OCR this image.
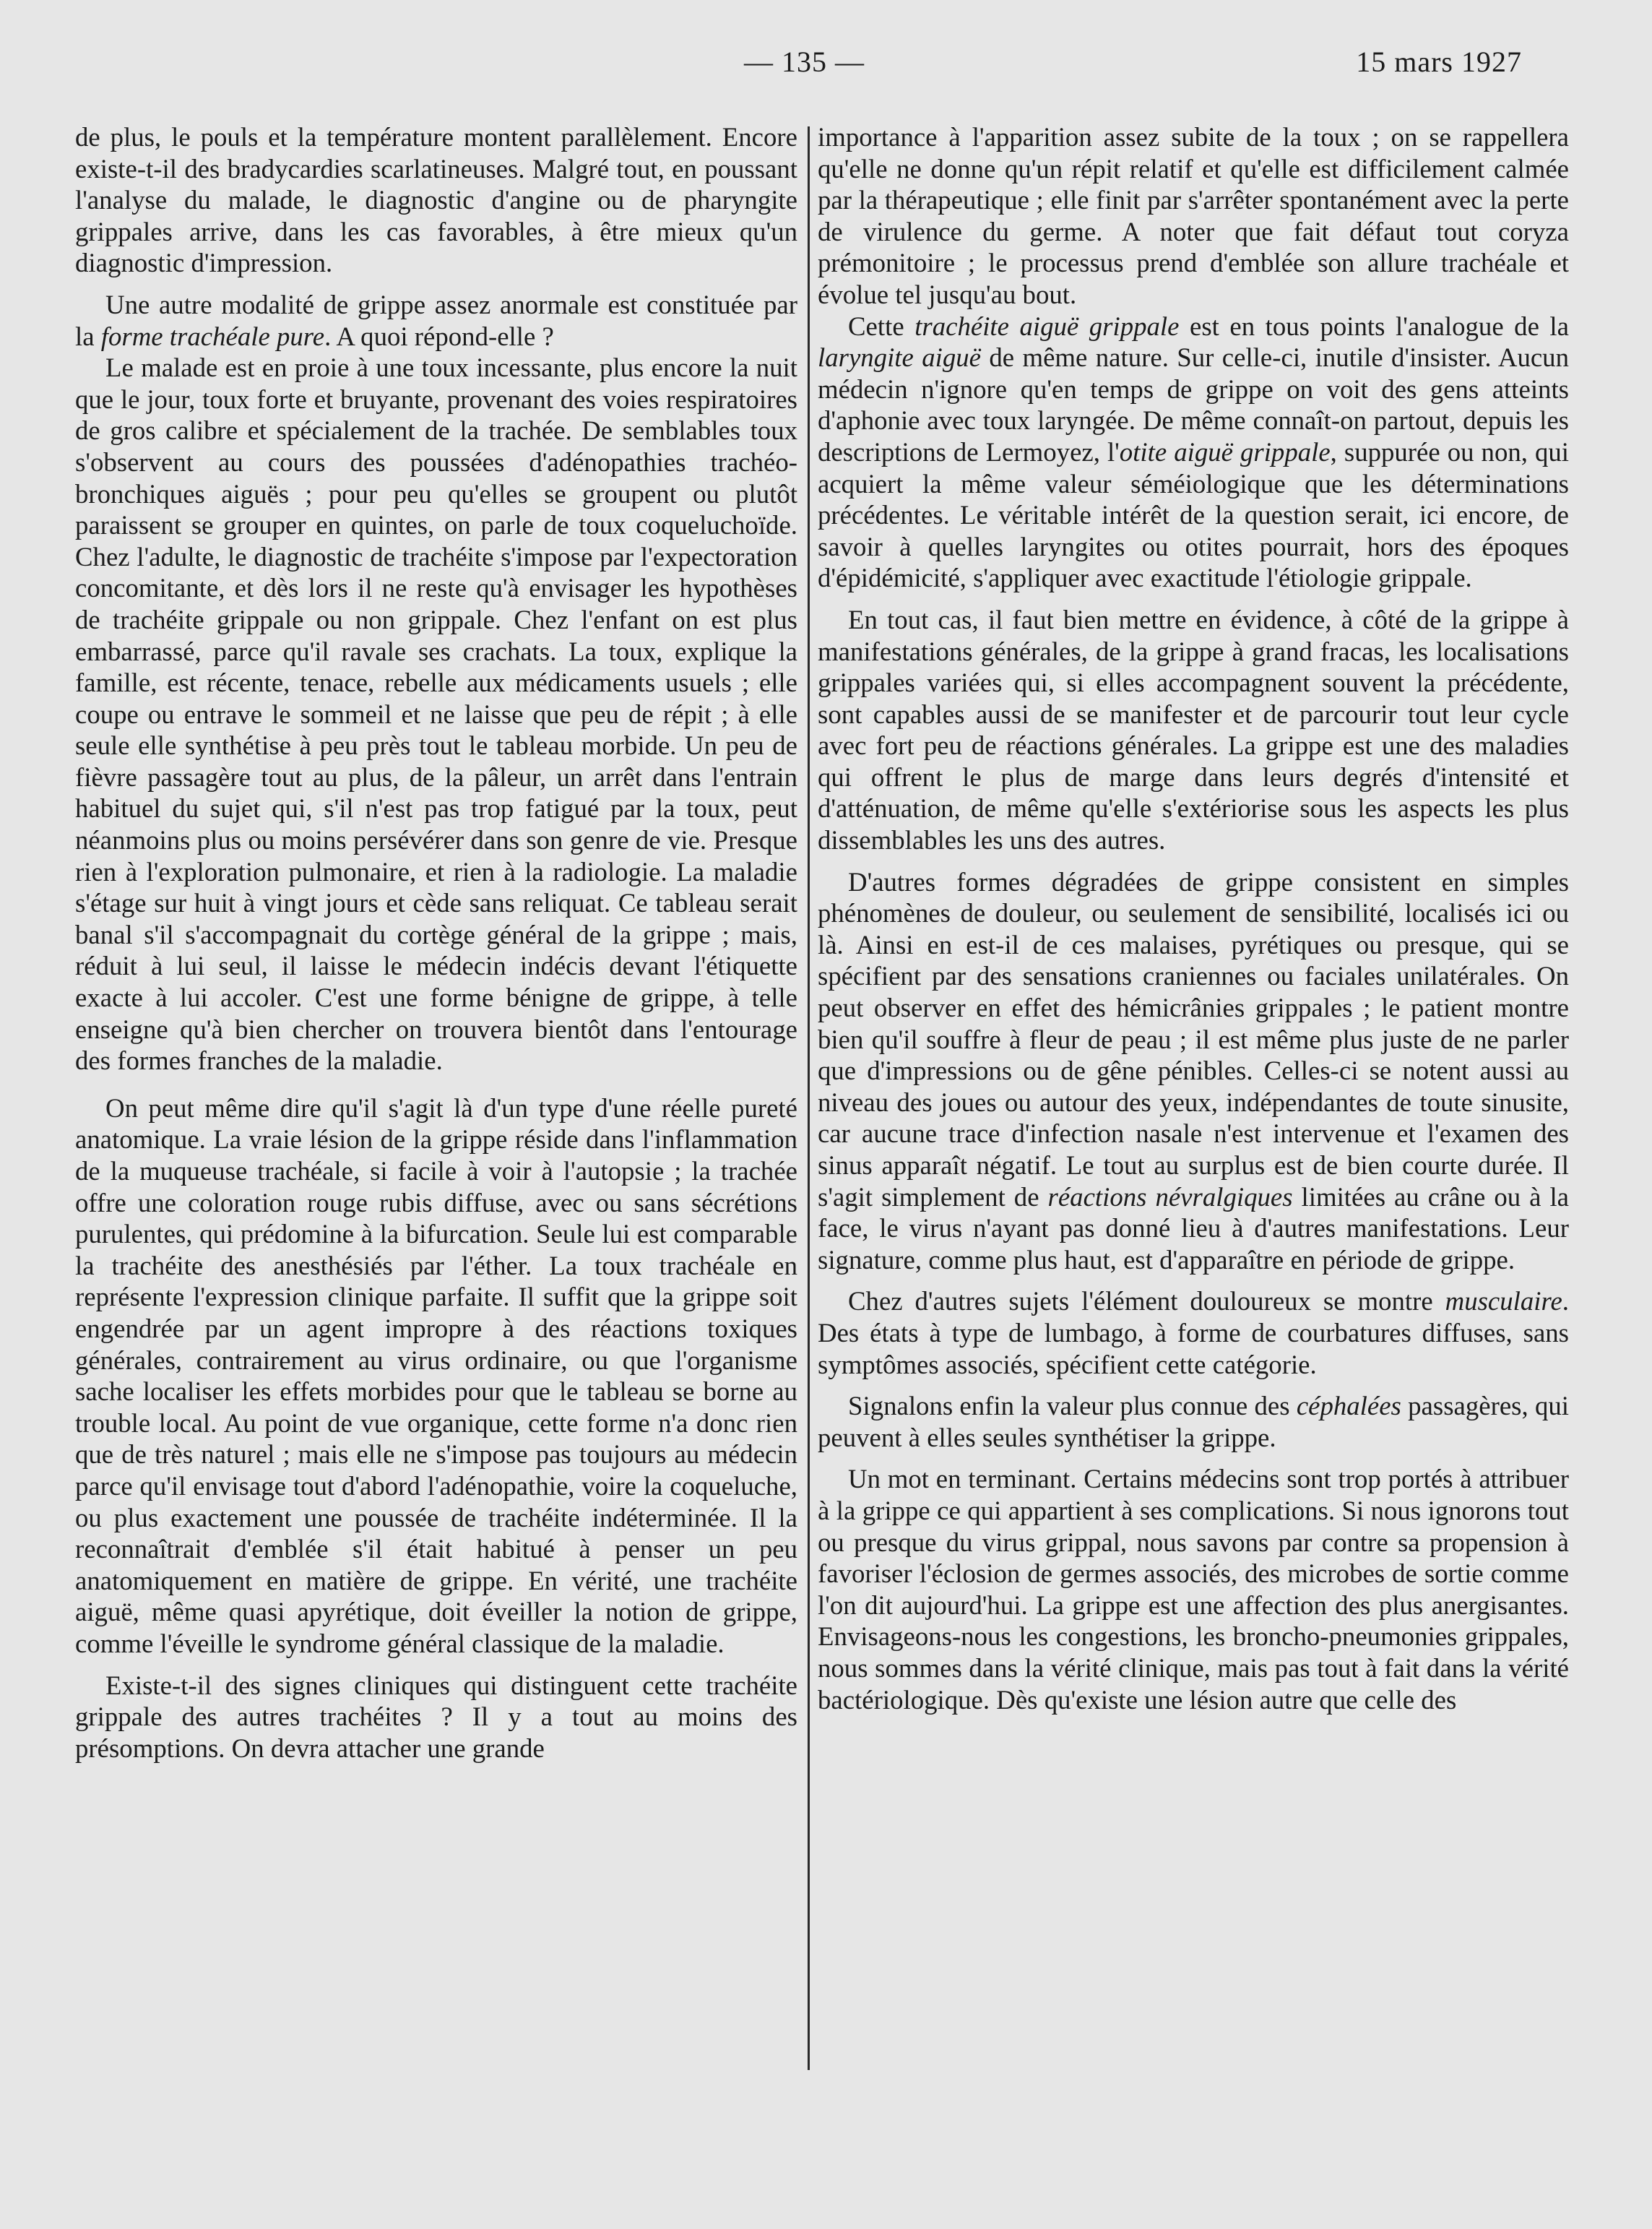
— 135 —	15 mars 1927

de plus, le pouls et la température montent parallèlement. Encore existe-t-il des bradycardies scarlatineuses. Malgré tout, en poussant l'analyse du malade, le diagnostic d'angine ou de pharyngite grippales arrive, dans les cas favorables, à être mieux qu'un diagnostic d'impression.

Une autre modalité de grippe assez anormale est constituée par la forme trachéale pure. A quoi répond-elle ?

Le malade est en proie à une toux incessante, plus encore la nuit que le jour, toux forte et bruyante, provenant des voies respiratoires de gros calibre et spécialement de la trachée. De semblables toux s'observent au cours des poussées d'adénopathies trachéo-bronchiques aiguës ; pour peu qu'elles se groupent ou plutôt paraissent se grouper en quintes, on parle de toux coqueluchoïde. Chez l'adulte, le diagnostic de trachéite s'impose par l'expectoration concomitante, et dès lors il ne reste qu'à envisager les hypothèses de trachéite grippale ou non grippale. Chez l'enfant on est plus embarrassé, parce qu'il ravale ses crachats. La toux, explique la famille, est récente, tenace, rebelle aux médicaments usuels ; elle coupe ou entrave le sommeil et ne laisse que peu de répit ; à elle seule elle synthétise à peu près tout le tableau morbide. Un peu de fièvre passagère tout au plus, de la pâleur, un arrêt dans l'entrain habituel du sujet qui, s'il n'est pas trop fatigué par la toux, peut néanmoins plus ou moins persévérer dans son genre de vie. Presque rien à l'exploration pulmonaire, et rien à la radiologie. La maladie s'étage sur huit à vingt jours et cède sans reliquat. Ce tableau serait banal s'il s'accompagnait du cortège général de la grippe ; mais, réduit à lui seul, il laisse le médecin indécis devant l'étiquette exacte à lui accoler. C'est une forme bénigne de grippe, à telle enseigne qu'à bien chercher on trouvera bientôt dans l'entourage des formes franches de la maladie.

On peut même dire qu'il s'agit là d'un type d'une réelle pureté anatomique. La vraie lésion de la grippe réside dans l'inflammation de la muqueuse trachéale, si facile à voir à l'autopsie ; la trachée offre une coloration rouge rubis diffuse, avec ou sans sécrétions purulentes, qui prédomine à la bifurcation. Seule lui est comparable la trachéite des anesthésiés par l'éther. La toux trachéale en représente l'expression clinique parfaite. Il suffit que la grippe soit engendrée par un agent impropre à des réactions toxiques générales, contrairement au virus ordinaire, ou que l'organisme sache localiser les effets morbides pour que le tableau se borne au trouble local. Au point de vue organique, cette forme n'a donc rien que de très naturel ; mais elle ne s'impose pas toujours au médecin parce qu'il envisage tout d'abord l'adénopathie, voire la coqueluche, ou plus exactement une poussée de trachéite indéterminée. Il la reconnaîtrait d'emblée s'il était habitué à penser un peu anatomiquement en matière de grippe. En vérité, une trachéite aiguë, même quasi apyrétique, doit éveiller la notion de grippe, comme l'éveille le syndrome général classique de la maladie.

Existe-t-il des signes cliniques qui distinguent cette trachéite grippale des autres trachéites ? Il y a tout au moins des présomptions. On devra attacher une grande

importance à l'apparition assez subite de la toux ; on se rappellera qu'elle ne donne qu'un répit relatif et qu'elle est difficilement calmée par la thérapeutique ; elle finit par s'arrêter spontanément avec la perte de virulence du germe. A noter que fait défaut tout coryza prémonitoire ; le processus prend d'emblée son allure trachéale et évolue tel jusqu'au bout.

Cette trachéite aiguë grippale est en tous points l'analogue de la laryngite aiguë de même nature. Sur celle-ci, inutile d'insister. Aucun médecin n'ignore qu'en temps de grippe on voit des gens atteints d'aphonie avec toux laryngée. De même connaît-on partout, depuis les descriptions de Lermoyez, l'otite aiguë grippale, suppurée ou non, qui acquiert la même valeur séméiologique que les déterminations précédentes. Le véritable intérêt de la question serait, ici encore, de savoir à quelles laryngites ou otites pourrait, hors des époques d'épidémicité, s'appliquer avec exactitude l'étiologie grippale.

En tout cas, il faut bien mettre en évidence, à côté de la grippe à manifestations générales, de la grippe à grand fracas, les localisations grippales variées qui, si elles accompagnent souvent la précédente, sont capables aussi de se manifester et de parcourir tout leur cycle avec fort peu de réactions générales. La grippe est une des maladies qui offrent le plus de marge dans leurs degrés d'intensité et d'atténuation, de même qu'elle s'extériorise sous les aspects les plus dissemblables les uns des autres.

D'autres formes dégradées de grippe consistent en simples phénomènes de douleur, ou seulement de sensibilité, localisés ici ou là. Ainsi en est-il de ces malaises, pyrétiques ou presque, qui se spécifient par des sensations craniennes ou faciales unilatérales. On peut observer en effet des hémicrânies grippales ; le patient montre bien qu'il souffre à fleur de peau ; il est même plus juste de ne parler que d'impressions ou de gêne pénibles. Celles-ci se notent aussi au niveau des joues ou autour des yeux, indépendantes de toute sinusite, car aucune trace d'infection nasale n'est intervenue et l'examen des sinus apparaît négatif. Le tout au surplus est de bien courte durée. Il s'agit simplement de réactions névralgiques limitées au crâne ou à la face, le virus n'ayant pas donné lieu à d'autres manifestations. Leur signature, comme plus haut, est d'apparaître en période de grippe.

Chez d'autres sujets l'élément douloureux se montre musculaire. Des états à type de lumbago, à forme de courbatures diffuses, sans symptômes associés, spécifient cette catégorie.

Signalons enfin la valeur plus connue des céphalées passagères, qui peuvent à elles seules synthétiser la grippe.

Un mot en terminant. Certains médecins sont trop portés à attribuer à la grippe ce qui appartient à ses complications. Si nous ignorons tout ou presque du virus grippal, nous savons par contre sa propension à favoriser l'éclosion de germes associés, des microbes de sortie comme l'on dit aujourd'hui. La grippe est une affection des plus anergisantes. Envisageons-nous les congestions, les broncho-pneumonies grippales, nous sommes dans la vérité clinique, mais pas tout à fait dans la vérité bactériologique. Dès qu'existe une lésion autre que celle des
